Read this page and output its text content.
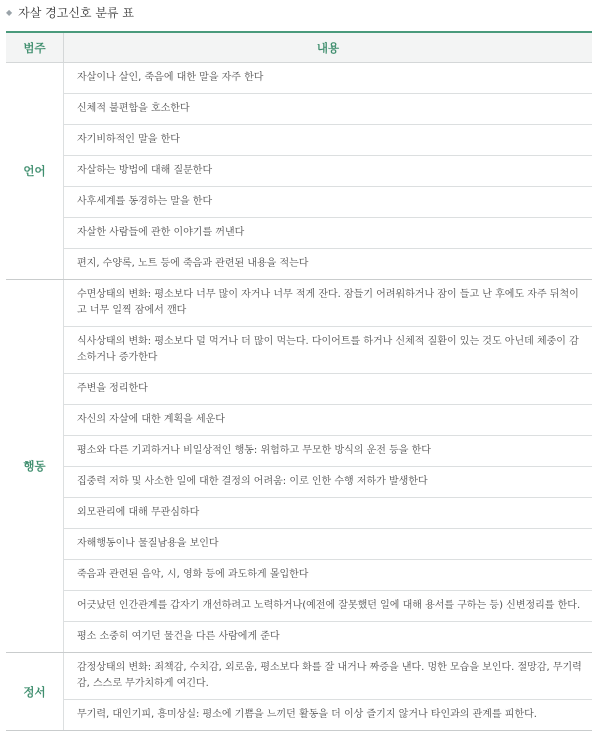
◆ 자살 경고신호 분류 표
범주	내용
언어	자살이나 살인, 죽음에 대한 말을 자주 한다
	신체적 불편함을 호소한다
	자기비하적인 말을 한다
	자살하는 방법에 대해 질문한다
	사후세계를 동경하는 말을 한다
	자살한 사람들에 관한 이야기를 꺼낸다
	편지, 수양록, 노트 등에 죽음과 관련된 내용을 적는다
행동	수면상태의 변화: 평소보다 너무 많이 자거나 너무 적게 잔다. 잠들기 어려워하거나 잠이 들고 난 후에도 자주 뒤척이고 너무 일찍 잠에서 깬다
	식사상태의 변화: 평소보다 덜 먹거나 더 많이 먹는다. 다이어트를 하거나 신체적 질환이 있는 것도 아닌데 체중이 감소하거나 증가한다
	주변을 정리한다
	자신의 자살에 대한 계획을 세운다
	평소와 다른 기괴하거나 비일상적인 행동: 위험하고 무모한 방식의 운전 등을 한다
	집중력 저하 및 사소한 일에 대한 결정의 어려움: 이로 인한 수행 저하가 발생한다
	외모관리에 대해 무관심하다
	자해행동이나 물질남용을 보인다
	죽음과 관련된 음악, 시, 영화 등에 과도하게 몰입한다
	어긋났던 인간관계를 갑자기 개선하려고 노력하거나(예전에 잘못했던 일에 대해 용서를 구하는 등) 신변정리를 한다.
	평소 소중히 여기던 물건을 다른 사람에게 준다
정서	감정상태의 변화: 죄책감, 수치감, 외로움, 평소보다 화를 잘 내거나 짜증을 낸다. 멍한 모습을 보인다. 절망감, 무기력감, 스스로 무가치하게 여긴다.
	무기력, 대인기피, 흥미상실: 평소에 기쁨을 느끼던 활동을 더 이상 즐기지 않거나 타인과의 관계를 피한다.
